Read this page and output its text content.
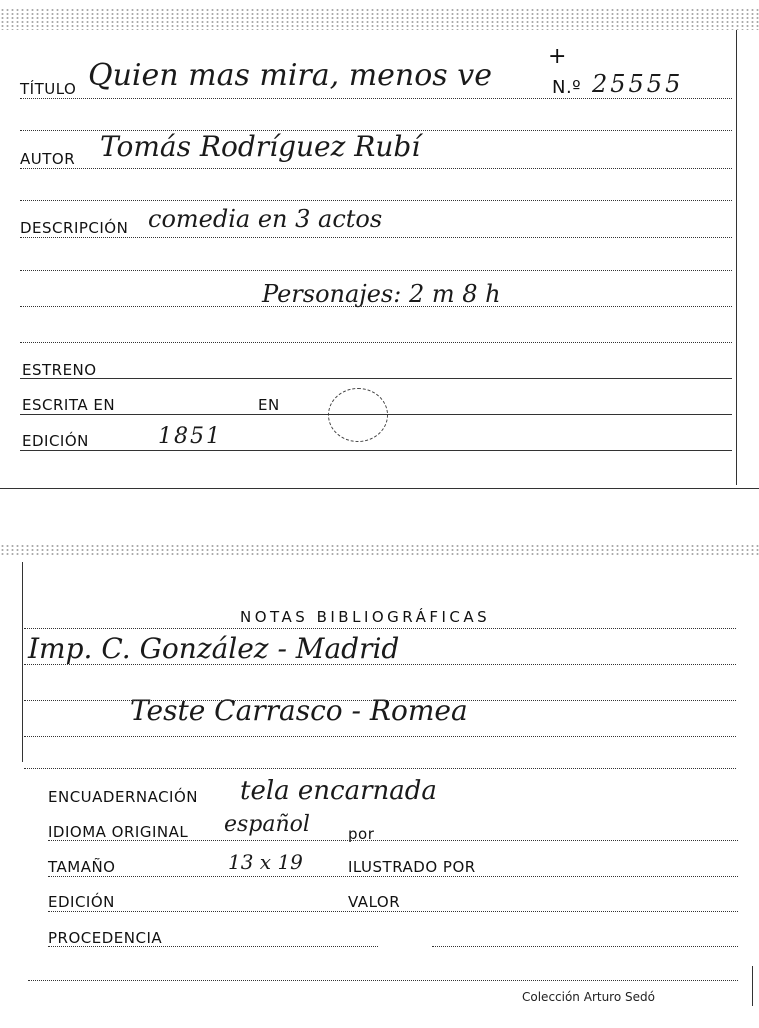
TÍTULO Quien mas mira, menos ve
+
N.º 25555
AUTOR Tomás Rodríguez Rubí
DESCRIPCIÓN comedia en 3 actos
Personajes: 2 m 8 h
ESTRENO
ESCRITA EN	EN
EDICIÓN	1851
NOTAS BIBLIOGRÁFICAS
Imp. C. González - Madrid
Teste Carrasco - Romea
ENCUADERNACIÓN tela encarnada
IDIOMA ORIGINAL español	por
TAMAÑO	13 x 19	ILUSTRADO POR
EDICIÓN	VALOR
PROCEDENCIA
Colección Arturo Sedó
